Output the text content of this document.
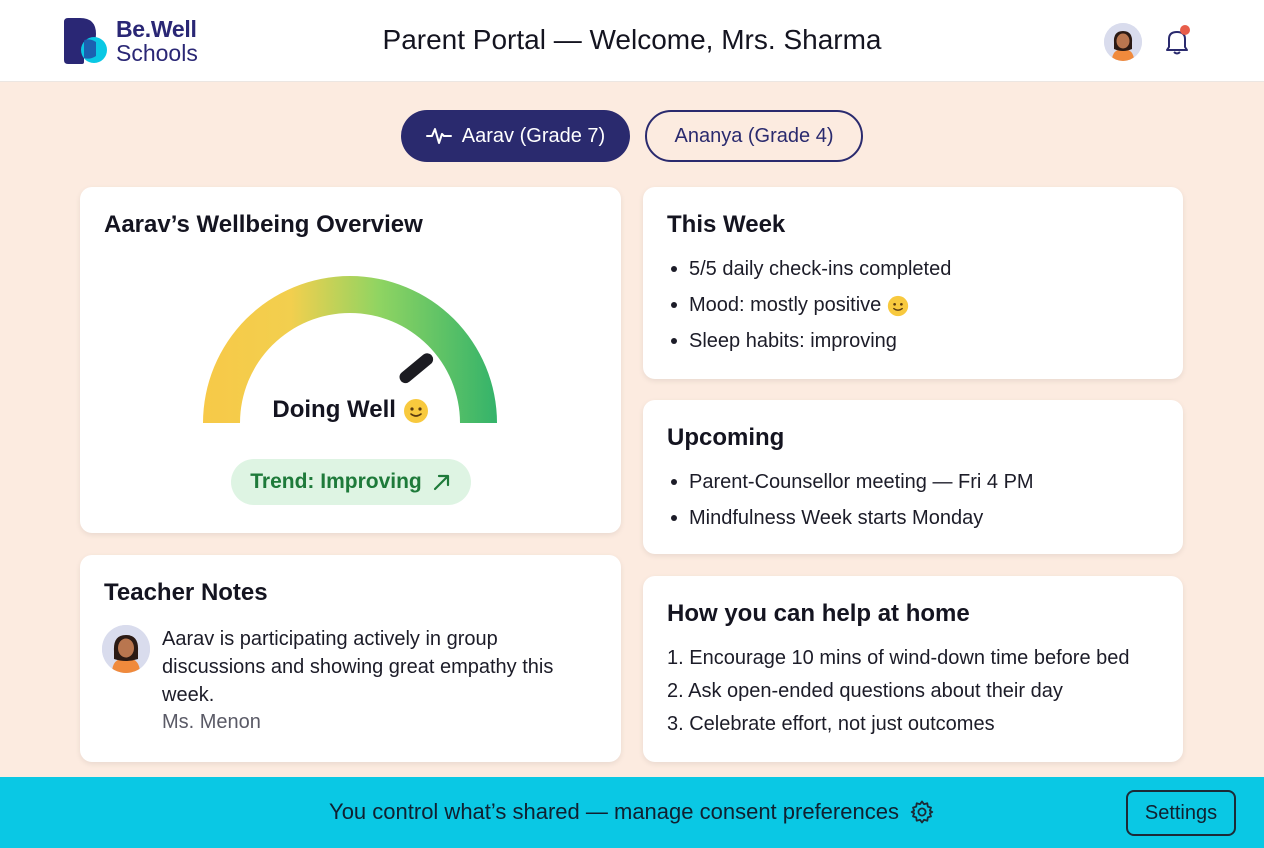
Be.Well
Schools	Parent Portal — Welcome, Mrs. Sharma
Aarav (Grade 7)	Ananya (Grade 4)
Aarav’s Wellbeing Overview
Doing Well
Trend: Improving
This Week
5/5 daily check-ins completed
Mood: mostly positive
Sleep habits: improving
Upcoming
Parent-Counsellor meeting — Fri 4 PM
Mindfulness Week starts Monday
How you can help at home
1. Encourage 10 mins of wind-down time before bed
2. Ask open-ended questions about their day
3. Celebrate effort, not just outcomes
Teacher Notes
Aarav is participating actively in group discussions and showing great empathy this week.
Ms. Menon
You control what’s shared — manage consent preferences	Settings
